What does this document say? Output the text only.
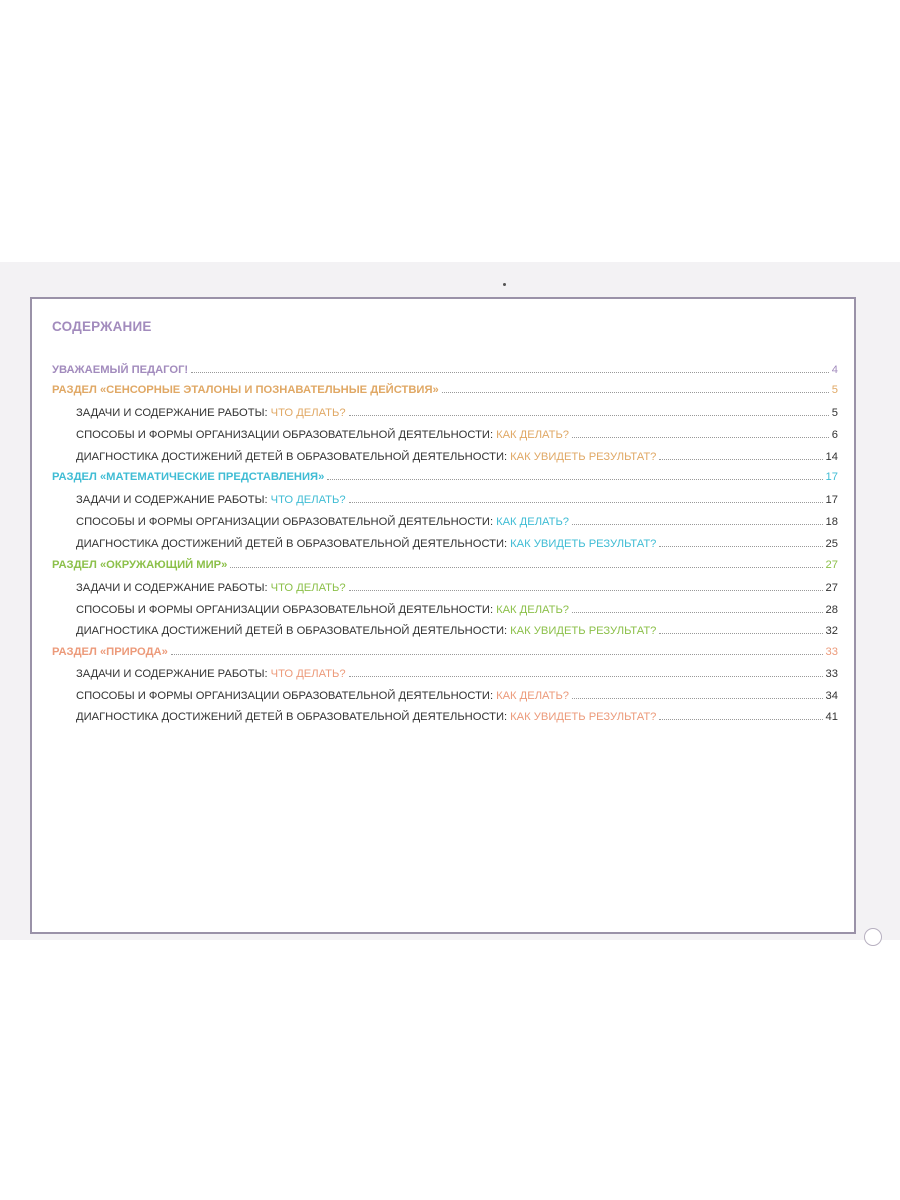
СОДЕРЖАНИЕ
УВАЖАЕМЫЙ ПЕДАГОГ!	4
РАЗДЕЛ «СЕНСОРНЫЕ ЭТАЛОНЫ И ПОЗНАВАТЕЛЬНЫЕ ДЕЙСТВИЯ»	5
ЗАДАЧИ И СОДЕРЖАНИЕ РАБОТЫ: ЧТО ДЕЛАТЬ?	5
СПОСОБЫ И ФОРМЫ ОРГАНИЗАЦИИ ОБРАЗОВАТЕЛЬНОЙ ДЕЯТЕЛЬНОСТИ: КАК ДЕЛАТЬ?	6
ДИАГНОСТИКА ДОСТИЖЕНИЙ ДЕТЕЙ В ОБРАЗОВАТЕЛЬНОЙ ДЕЯТЕЛЬНОСТИ: КАК УВИДЕТЬ РЕЗУЛЬТАТ?	14
РАЗДЕЛ «МАТЕМАТИЧЕСКИЕ ПРЕДСТАВЛЕНИЯ»	17
ЗАДАЧИ И СОДЕРЖАНИЕ РАБОТЫ: ЧТО ДЕЛАТЬ?	17
СПОСОБЫ И ФОРМЫ ОРГАНИЗАЦИИ ОБРАЗОВАТЕЛЬНОЙ ДЕЯТЕЛЬНОСТИ: КАК ДЕЛАТЬ?	18
ДИАГНОСТИКА ДОСТИЖЕНИЙ ДЕТЕЙ В ОБРАЗОВАТЕЛЬНОЙ ДЕЯТЕЛЬНОСТИ: КАК УВИДЕТЬ РЕЗУЛЬТАТ?	25
РАЗДЕЛ «ОКРУЖАЮЩИЙ МИР»	27
ЗАДАЧИ И СОДЕРЖАНИЕ РАБОТЫ: ЧТО ДЕЛАТЬ?	27
СПОСОБЫ И ФОРМЫ ОРГАНИЗАЦИИ ОБРАЗОВАТЕЛЬНОЙ ДЕЯТЕЛЬНОСТИ: КАК ДЕЛАТЬ?	28
ДИАГНОСТИКА ДОСТИЖЕНИЙ ДЕТЕЙ В ОБРАЗОВАТЕЛЬНОЙ ДЕЯТЕЛЬНОСТИ: КАК УВИДЕТЬ РЕЗУЛЬТАТ?	32
РАЗДЕЛ «ПРИРОДА»	33
ЗАДАЧИ И СОДЕРЖАНИЕ РАБОТЫ: ЧТО ДЕЛАТЬ?	33
СПОСОБЫ И ФОРМЫ ОРГАНИЗАЦИИ ОБРАЗОВАТЕЛЬНОЙ ДЕЯТЕЛЬНОСТИ: КАК ДЕЛАТЬ?	34
ДИАГНОСТИКА ДОСТИЖЕНИЙ ДЕТЕЙ В ОБРАЗОВАТЕЛЬНОЙ ДЕЯТЕЛЬНОСТИ: КАК УВИДЕТЬ РЕЗУЛЬТАТ?	41
